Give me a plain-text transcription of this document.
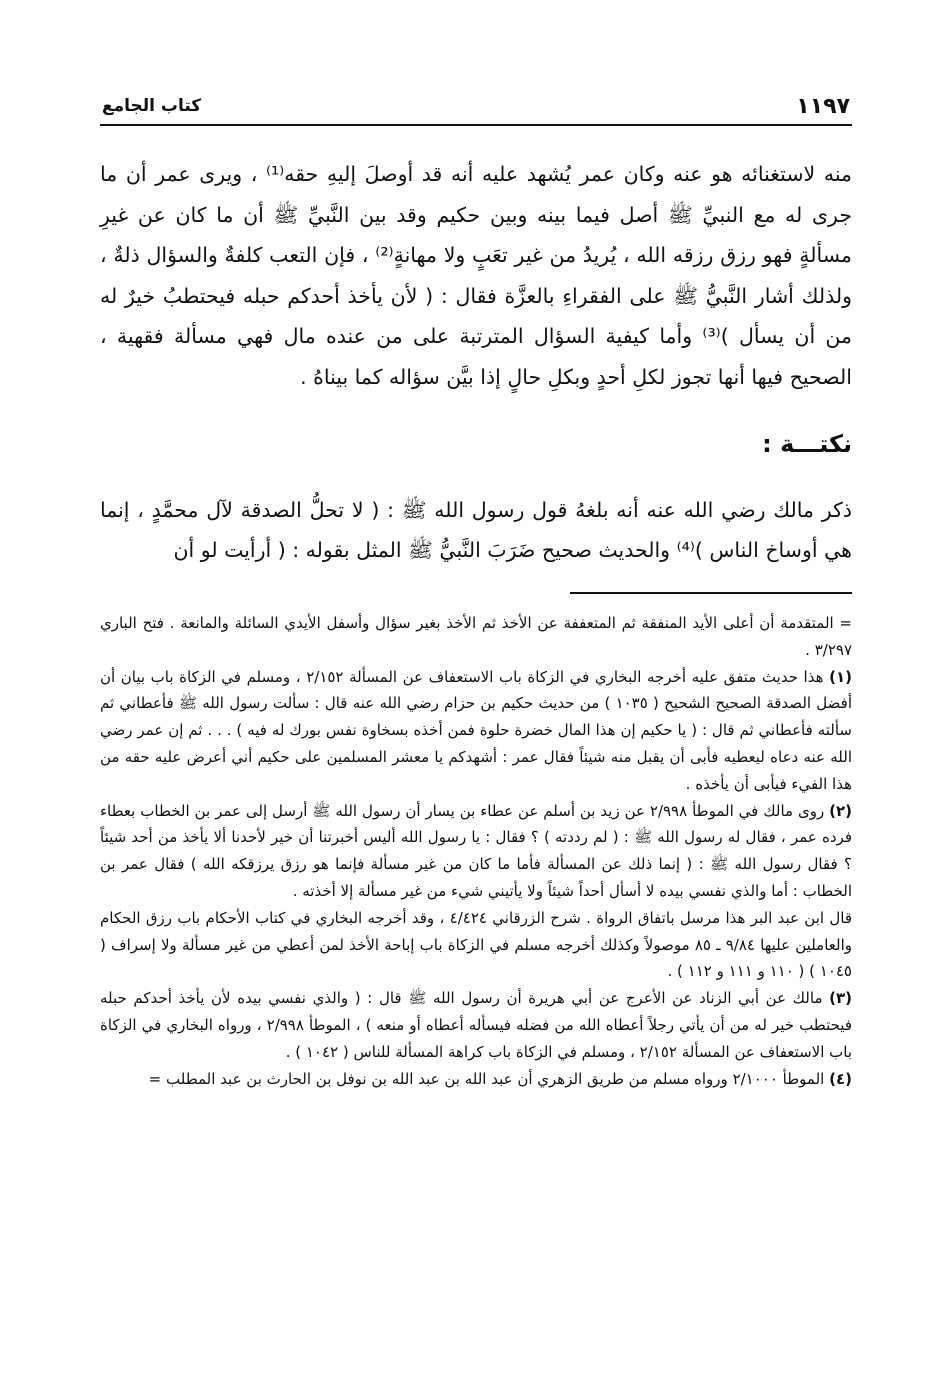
١١٩٧
كتاب الجامع

منه لاستغنائه هو عنه وكان عمر يُشهد عليه أنه قد أوصلَ إليهِ حقه⁽¹⁾ ، ويرى عمر أن ما جرى له مع النبيِّ ﷺ أصل فيما بينه وبين حكيم وقد بين النَّبيِّ ﷺ أن ما كان عن غيرِ مسألةٍ فهو رزق رزقه الله ، يُريدُ من غير تعَبٍ ولا مهانةٍ⁽²⁾ ، فإن التعب كلفةٌ والسؤال ذلةٌ ، ولذلك أشار النَّبيُّ ﷺ على الفقراءِ بالعزَّة فقال : ( لأن يأخذ أحدكم حبله فيحتطبُ خيرٌ له من أن يسأل )⁽³⁾ وأما كيفية السؤال المترتبة على من عنده مال فهي مسألة فقهية ، الصحيح فيها أنها تجوز لكلِ أحدٍ وبكلِ حالٍ إذا بيَّن سؤاله كما بيناهُ .

نكتـــة :

ذكر مالك رضي الله عنه أنه بلغهُ قول رسول الله ﷺ : ( لا تحلُّ الصدقة لآل محمَّدٍ ، إنما هي أوساخ الناس )⁽⁴⁾ والحديث صحيح ضَرَبَ النَّبيُّ ﷺ المثل بقوله : ( أرأيت لو أن

= المتقدمة أن أعلى الأيد المنفقة ثم المتعففة عن الأخذ ثم الأخذ بغير سؤال وأسفل الأيدي السائلة والمانعة . فتح الباري ٣/٢٩٧ .

(١) هذا حديث متفق عليه أخرجه البخاري في الزكاة باب الاستعفاف عن المسألة ٢/١٥٢ ، ومسلم في الزكاة باب بيان أن أفضل الصدقة الصحيح الشحيح ( ١٠٣٥ ) من حديث حكيم بن حزام رضي الله عنه قال : سألت رسول الله ﷺ فأعطاني ثم سألته فأعطاني ثم قال : ( يا حكيم إن هذا المال خضرة حلوة فمن أخذه بسخاوة نفس بورك له فيه ) . . . ثم إن عمر رضي الله عنه دعاه ليعطيه فأبى أن يقبل منه شيئاً فقال عمر : أشهدكم يا معشر المسلمين على حكيم أني أعرض عليه حقه من هذا الفيء فيأبى أن يأخذه .

(٢) روى مالك في الموطأ ٢/٩٩٨ عن زيد بن أسلم عن عطاء بن يسار أن رسول الله ﷺ أرسل إلى عمر بن الخطاب بعطاء فرده عمر ، فقال له رسول الله ﷺ : ( لم رددته ) ؟ فقال : يا رسول الله أليس أخبرتنا أن خير لأحدنا ألا يأخذ من أحد شيئاً ؟ فقال رسول الله ﷺ : ( إنما ذلك عن المسألة فأما ما كان من غير مسألة فإنما هو رزق يرزقكه الله ) فقال عمر بن الخطاب : أما والذي نفسي بيده لا أسأل أحداً شيئاً ولا يأتيني شيء من غير مسألة إلا أخذته .

قال ابن عبد البر هذا مرسل باتفاق الرواة . شرح الزرقاني ٤/٤٢٤ ، وقد أخرجه البخاري في كتاب الأحكام باب رزق الحكام والعاملين عليها ٩/٨٤ ـ ٨٥ موصولاً وكذلك أخرجه مسلم في الزكاة باب إباحة الأخذ لمن أعطي من غير مسألة ولا إسراف ( ١٠٤٥ ) ( ١١٠ و ١١١ و ١١٢ ) .

(٣) مالك عن أبي الزناد عن الأعرج عن أبي هريرة أن رسول الله ﷺ قال : ( والذي نفسي بيده لأن يأخذ أحدكم حبله فيحتطب خير له من أن يأتي رجلاً أعطاه الله من فضله فيسأله أعطاه أو منعه ) ، الموطأ ٢/٩٩٨ ، ورواه البخاري في الزكاة باب الاستعفاف عن المسألة ٢/١٥٢ ، ومسلم في الزكاة باب كراهة المسألة للناس ( ١٠٤٢ ) .

(٤) الموطأ ٢/١٠٠٠ ورواه مسلم من طريق الزهري أن عبد الله بن عبد الله بن نوفل بن الحارث بن عبد المطلب =
